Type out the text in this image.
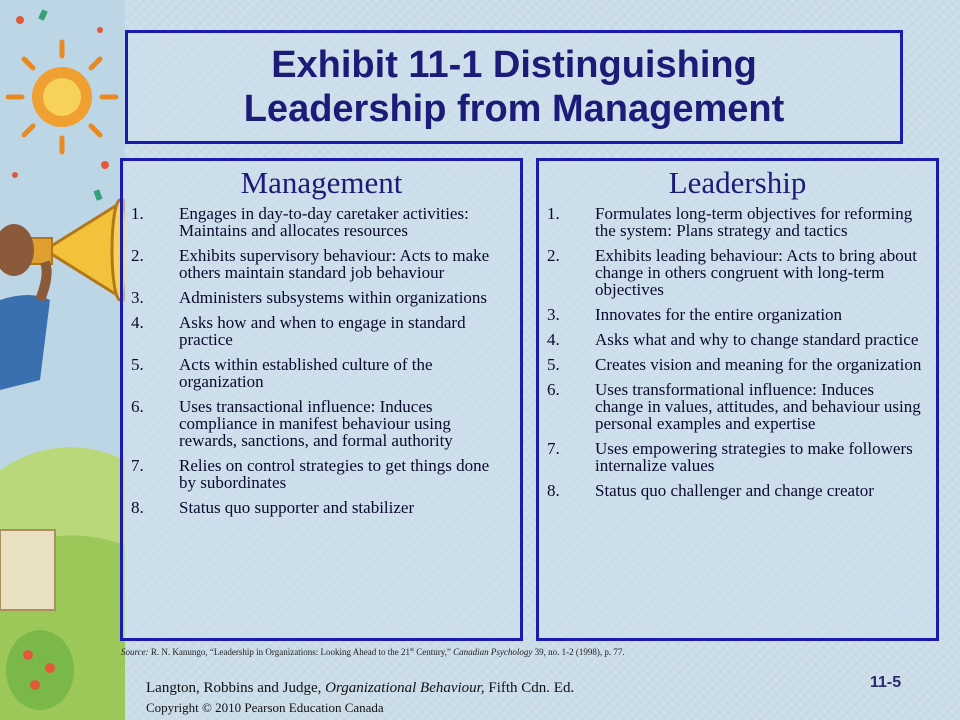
Exhibit 11-1 Distinguishing
Leadership from Management
Management
1.	Engages in day-to-day caretaker activities: Maintains and allocates resources
2.	Exhibits supervisory behaviour: Acts to make others maintain standard job behaviour
3.	Administers subsystems within organizations
4.	Asks how and when to engage in standard practice
5.	Acts within established culture of the organization
6.	Uses transactional influence: Induces compliance in manifest behaviour using rewards, sanctions, and formal authority
7.	Relies on control strategies to get things done by subordinates
8.	Status quo supporter and stabilizer
Leadership
1.	Formulates long-term objectives for reforming the system: Plans strategy and tactics
2.	Exhibits leading behaviour: Acts to bring about change in others congruent with long-term objectives
3.	Innovates for the entire organization
4.	Asks what and why to change standard practice
5.	Creates vision and meaning for the organization
6.	Uses transformational influence: Induces change in values, attitudes, and behaviour using personal examples and expertise
7.	Uses empowering strategies to make followers internalize values
8.	Status quo challenger and change creator
Source: R. N. Kanungo, “Leadership in Organizations: Looking Ahead to the 21st Century,” Canadian Psychology 39, no. 1-2 (1998), p. 77.
Langton, Robbins and Judge, Organizational Behaviour, Fifth Cdn. Ed.
Copyright © 2010 Pearson Education Canada
11-5
